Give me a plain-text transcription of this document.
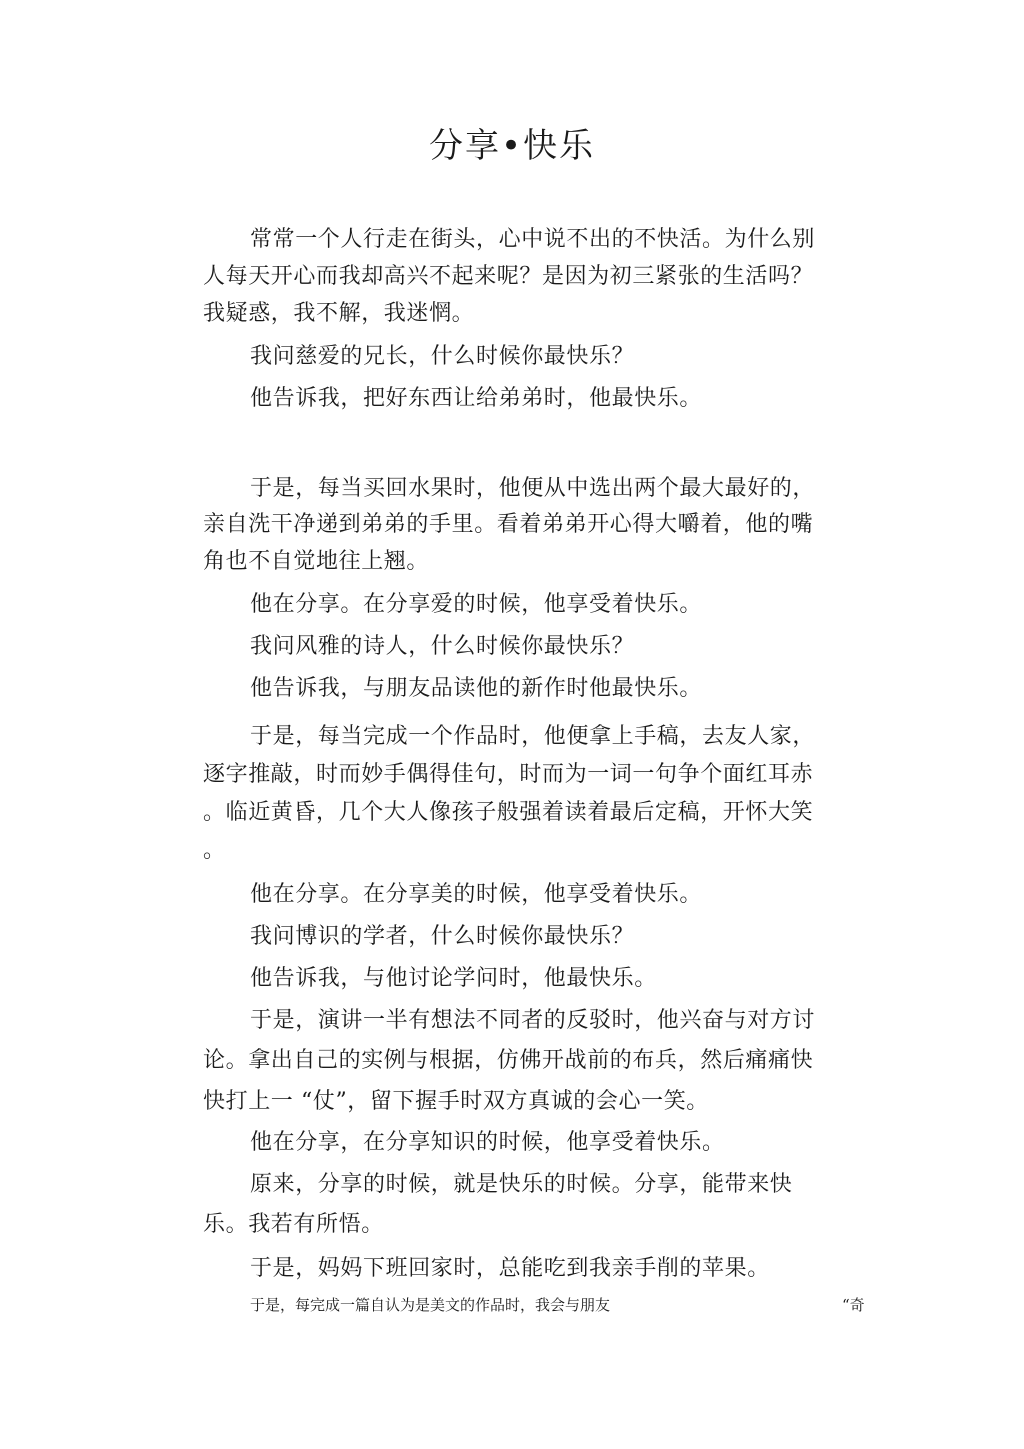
分享•快乐
常常一个人行走在街头，心中说不出的不快活。为什么别
人每天开心而我却高兴不起来呢？是因为初三紧张的生活吗？
我疑惑，我不解，我迷惘。
我问慈爱的兄长，什么时候你最快乐？
他告诉我，把好东西让给弟弟时，他最快乐。
于是，每当买回水果时，他便从中选出两个最大最好的，
亲自洗干净递到弟弟的手里。看着弟弟开心得大嚼着，他的嘴
角也不自觉地往上翘。
他在分享。在分享爱的时候，他享受着快乐。
我问风雅的诗人，什么时候你最快乐？
他告诉我，与朋友品读他的新作时他最快乐。
于是，每当完成一个作品时，他便拿上手稿，去友人家，
逐字推敲，时而妙手偶得佳句，时而为一词一句争个面红耳赤
。临近黄昏，几个大人像孩子般强着读着最后定稿，开怀大笑
。
他在分享。在分享美的时候，他享受着快乐。
我问博识的学者，什么时候你最快乐？
他告诉我，与他讨论学问时，他最快乐。
于是，演讲一半有想法不同者的反驳时，他兴奋与对方讨
论。拿出自己的实例与根据，仿佛开战前的布兵，然后痛痛快
快打上一 “仗”，留下握手时双方真诚的会心一笑。
他在分享，在分享知识的时候，他享受着快乐。
原来，分享的时候，就是快乐的时候。分享，能带来快
乐。我若有所悟。
于是，妈妈下班回家时，总能吃到我亲手削的苹果。
于是，每完成一篇自认为是美文的作品时，我会与朋友	“奇
